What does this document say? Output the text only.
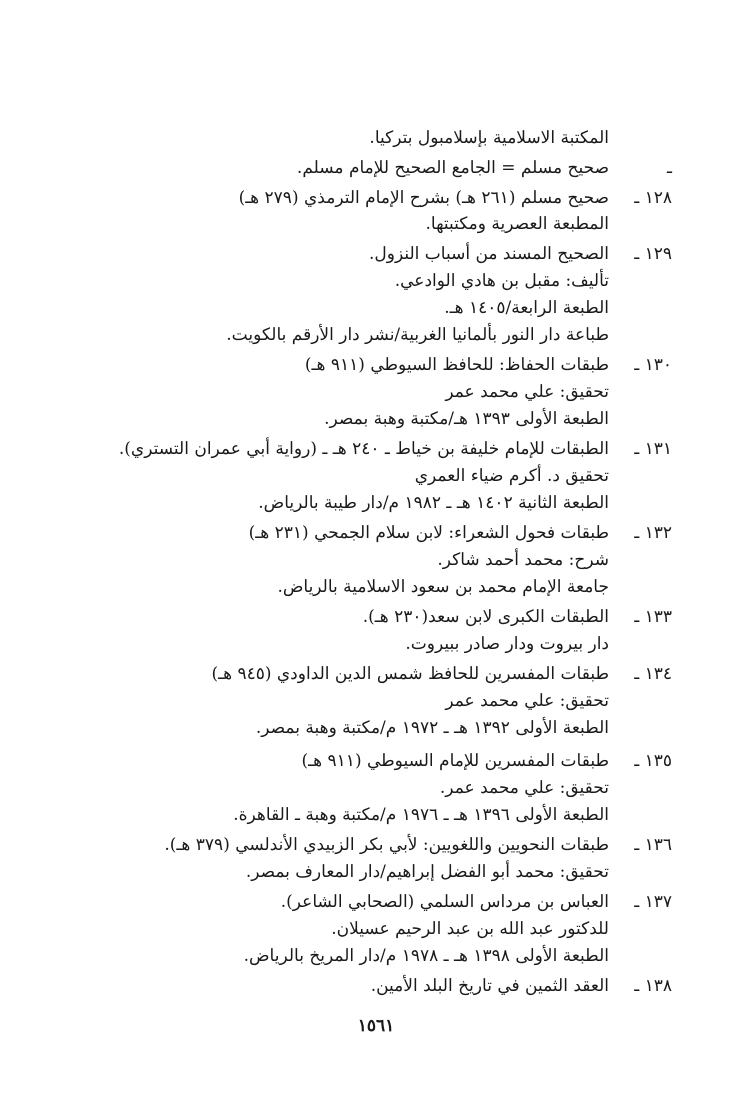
المكتبة الاسلامية بإسلامبول بتركيا.
ـ
صحيح مسلم = الجامع الصحيح للإمام مسلم.
١٢٨ ـ
صحيح مسلم (٢٦١ هـ) بشرح الإمام الترمذي (٢٧٩ هـ)
المطبعة العصرية ومكتبتها.
١٢٩ ـ
الصحيح المسند من أسباب النزول.
تأليف: مقبل بن هادي الوادعي.
الطبعة الرابعة/١٤٠٥ هـ.
طباعة دار النور بألمانيا الغربية/نشر دار الأرقم بالكويت.
١٣٠ ـ
طبقات الحفاظ: للحافظ السيوطي (٩١١ هـ)
تحقيق: علي محمد عمر
الطبعة الأولى ١٣٩٣ هـ/مكتبة وهبة بمصر.
١٣١ ـ
الطبقات للإمام خليفة بن خياط ـ ٢٤٠ هـ ـ (رواية أبي عمران التستري).
تحقيق د. أكرم ضياء العمري
الطبعة الثانية ١٤٠٢ هـ ـ ١٩٨٢ م/دار طيبة بالرياض.
١٣٢ ـ
طبقات فحول الشعراء: لابن سلام الجمحي (٢٣١ هـ)
شرح: محمد أحمد شاكر.
جامعة الإمام محمد بن سعود الاسلامية بالرياض.
١٣٣ ـ
الطبقات الكبرى لابن سعد(٢٣٠ هـ).
دار بيروت ودار صادر ببيروت.
١٣٤ ـ
طبقات المفسرين للحافظ شمس الدين الداودي (٩٤٥ هـ)
تحقيق: علي محمد عمر
الطبعة الأولى ١٣٩٢ هـ ـ ١٩٧٢ م/مكتبة وهبة بمصر.
١٣٥ ـ
طبقات المفسرين للإمام السيوطي (٩١١ هـ)
تحقيق: علي محمد عمر.
الطبعة الأولى ١٣٩٦ هـ ـ ١٩٧٦ م/مكتبة وهبة ـ القاهرة.
١٣٦ ـ
طبقات النحويين واللغويين: لأبي بكر الزبيدي الأندلسي (٣٧٩ هـ).
تحقيق: محمد أبو الفضل إبراهيم/دار المعارف بمصر.
١٣٧ ـ
العباس بن مرداس السلمي (الصحابي الشاعر).
للدكتور عبد الله بن عبد الرحيم عسيلان.
الطبعة الأولى ١٣٩٨ هـ ـ ١٩٧٨ م/دار المريخ بالرياض.
١٣٨ ـ
العقد الثمين في تاريخ البلد الأمين.
١٥٦١
